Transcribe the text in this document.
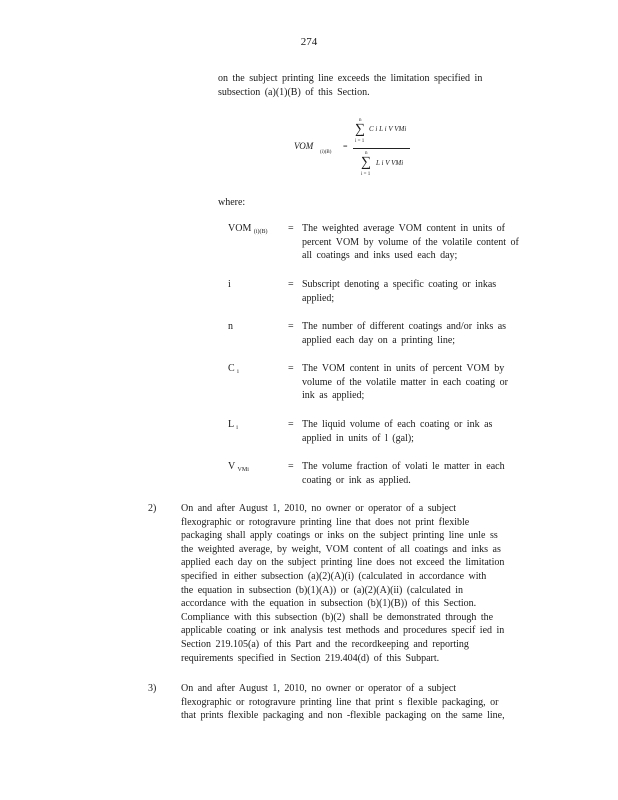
274
on the subject printing line exceeds the limitation specified in
subsection (a)(1)(B) of this Section.
VOM
(i)(B)
=
n
∑
i = 1
C i L i V VMi
n
∑
i = 1
L i V VMi
where:
VOM $_{(i)(B)}$	= The weighted average VOM content in units of
percent VOM by volume of the volatile content of
all coatings and inks used each day;
i	= Subscript denoting a specific coating or inkas
applied;
n	= The number of different coatings and/or inks as
applied each day on a printing line;
C $_i$	= The VOM content in units of percent VOM by
volume of the volatile matter in each coating or
ink as applied;
L $_i$	= The liquid volume of each coating or ink as
applied in units of l (gal);
V $_{VMi}$	= The volume fraction of volati le matter in each
coating or ink as applied.
2)	On and after August 1, 2010, no owner or operator of a subject
flexographic or rotogravure printing line that does not print flexible
packaging shall apply coatings or inks on the subject printing line unle ss
the weighted average, by weight, VOM content of all coatings and inks as
applied each day on the subject printing line does not exceed the limitation
specified in either subsection (a)(2)(A)(i) (calculated in accordance with
the equation in subsection (b)(1)(A)) or (a)(2)(A)(ii) (calculated in
accordance with the equation in subsection (b)(1)(B)) of this Section.
Compliance with this subsection (b)(2) shall be demonstrated through the
applicable coating or ink analysis test methods and procedures specif ied in
Section 219.105(a) of this Part and the recordkeeping and reporting
requirements specified in Section 219.404(d) of this Subpart.
3)	On and after August 1, 2010, no owner or operator of a subject
flexographic or rotogravure printing line that print s flexible packaging, or
that prints flexible packaging and non -flexible packaging on the same line,
